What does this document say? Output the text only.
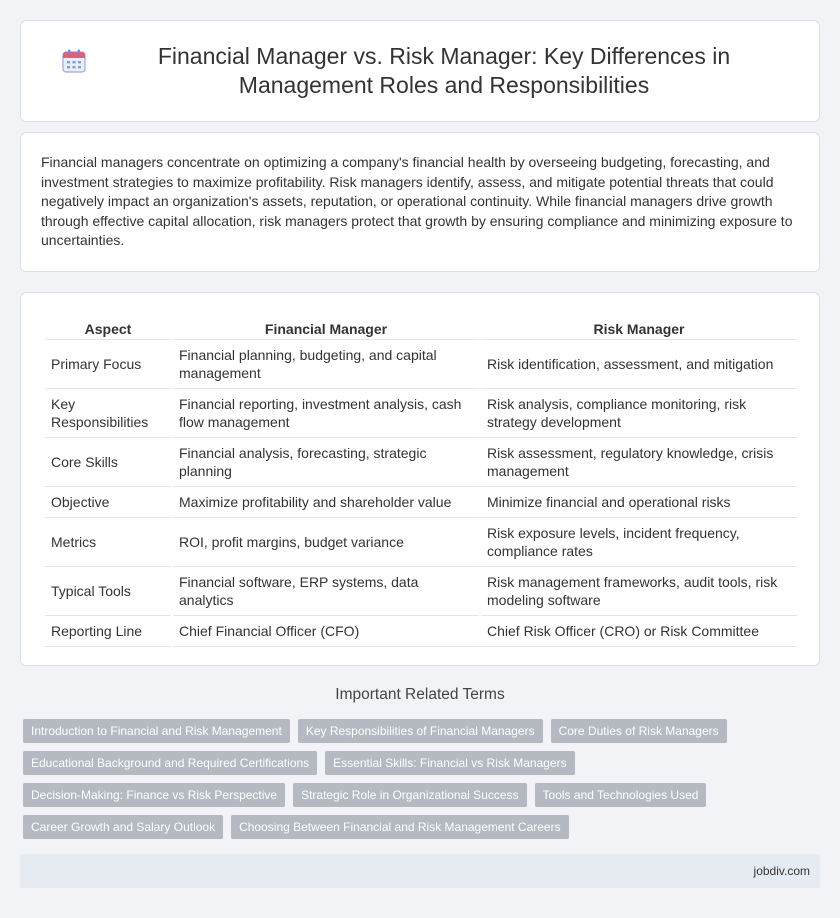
Financial Manager vs. Risk Manager: Key Differences in Management Roles and Responsibilities

Financial managers concentrate on optimizing a company's financial health by overseeing budgeting, forecasting, and investment strategies to maximize profitability. Risk managers identify, assess, and mitigate potential threats that could negatively impact an organization's assets, reputation, or operational continuity. While financial managers drive growth through effective capital allocation, risk managers protect that growth by ensuring compliance and minimizing exposure to uncertainties.

Aspect	Financial Manager	Risk Manager
Primary Focus	Financial planning, budgeting, and capital management	Risk identification, assessment, and mitigation
Key Responsibilities	Financial reporting, investment analysis, cash flow management	Risk analysis, compliance monitoring, risk strategy development
Core Skills	Financial analysis, forecasting, strategic planning	Risk assessment, regulatory knowledge, crisis management
Objective	Maximize profitability and shareholder value	Minimize financial and operational risks
Metrics	ROI, profit margins, budget variance	Risk exposure levels, incident frequency, compliance rates
Typical Tools	Financial software, ERP systems, data analytics	Risk management frameworks, audit tools, risk modeling software
Reporting Line	Chief Financial Officer (CFO)	Chief Risk Officer (CRO) or Risk Committee
Important Related Terms
Introduction to Financial and Risk Management	Key Responsibilities of Financial Managers	Core Duties of Risk Managers
Educational Background and Required Certifications	Essential Skills: Financial vs Risk Managers
Decision-Making: Finance vs Risk Perspective	Strategic Role in Organizational Success	Tools and Technologies Used
Career Growth and Salary Outlook	Choosing Between Financial and Risk Management Careers
jobdiv.com
